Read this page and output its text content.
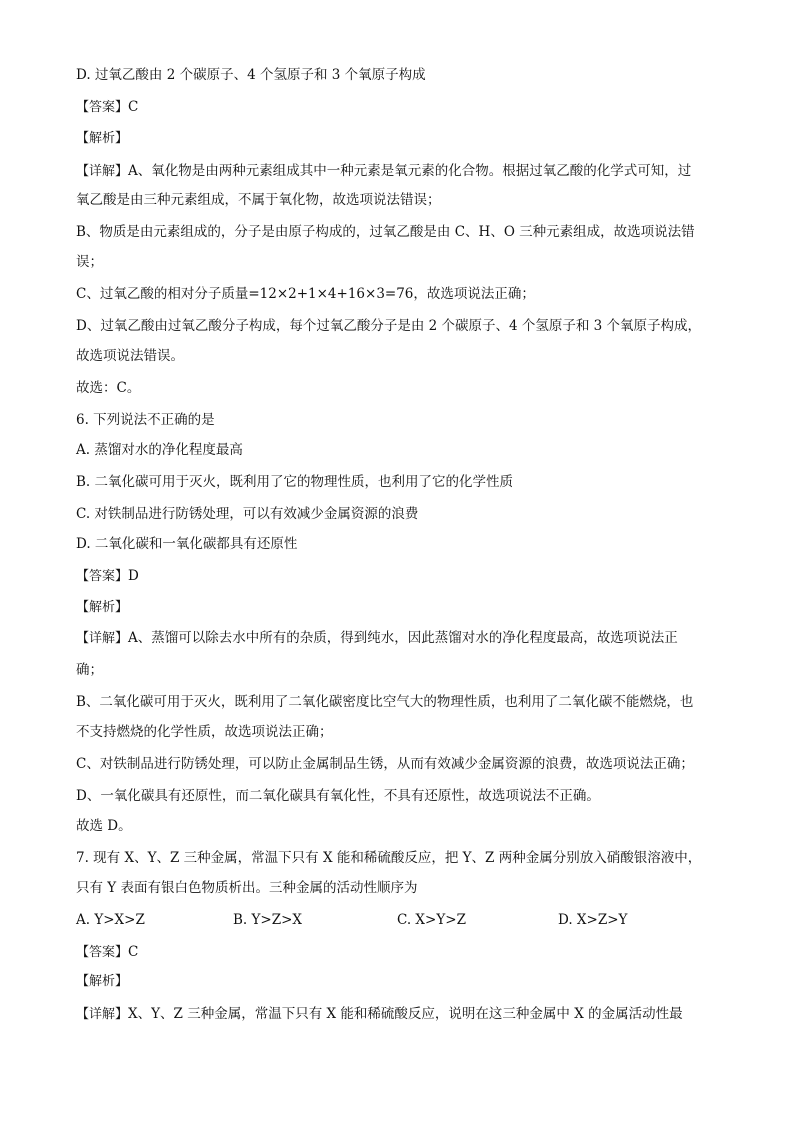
D. 过氧乙酸由 2 个碳原子、4 个氢原子和 3 个氧原子构成
【答案】C
【解析】
【详解】A、氧化物是由两种元素组成其中一种元素是氧元素的化合物。根据过氧乙酸的化学式可知，过
氧乙酸是由三种元素组成，不属于氧化物，故选项说法错误；
B、物质是由元素组成的，分子是由原子构成的，过氧乙酸是由 C、H、O 三种元素组成，故选项说法错
误；
C、过氧乙酸的相对分子质量=12×2+1×4+16×3=76，故选项说法正确；
D、过氧乙酸由过氧乙酸分子构成，每个过氧乙酸分子是由 2 个碳原子、4 个氢原子和 3 个氧原子构成，
故选项说法错误。
故选：C。
6. 下列说法不正确的是
A. 蒸馏对水的净化程度最高
B. 二氧化碳可用于灭火，既利用了它的物理性质，也利用了它的化学性质
C. 对铁制品进行防锈处理，可以有效减少金属资源的浪费
D. 二氧化碳和一氧化碳都具有还原性
【答案】D
【解析】
【详解】A、蒸馏可以除去水中所有的杂质，得到纯水，因此蒸馏对水的净化程度最高，故选项说法正
确；
B、二氧化碳可用于灭火，既利用了二氧化碳密度比空气大的物理性质，也利用了二氧化碳不能燃烧，也
不支持燃烧的化学性质，故选项说法正确；
C、对铁制品进行防锈处理，可以防止金属制品生锈，从而有效减少金属资源的浪费，故选项说法正确；
D、一氧化碳具有还原性，而二氧化碳具有氧化性，不具有还原性，故选项说法不正确。
故选 D。
7. 现有 X、Y、Z 三种金属，常温下只有 X 能和稀硫酸反应，把 Y、Z 两种金属分别放入硝酸银溶液中，
只有 Y 表面有银白色物质析出。三种金属的活动性顺序为
A. Y>X>Z	B. Y>Z>X	C. X>Y>Z	D. X>Z>Y
【答案】C
【解析】
【详解】X、Y、Z 三种金属，常温下只有 X 能和稀硫酸反应，说明在这三种金属中 X 的金属活动性最
